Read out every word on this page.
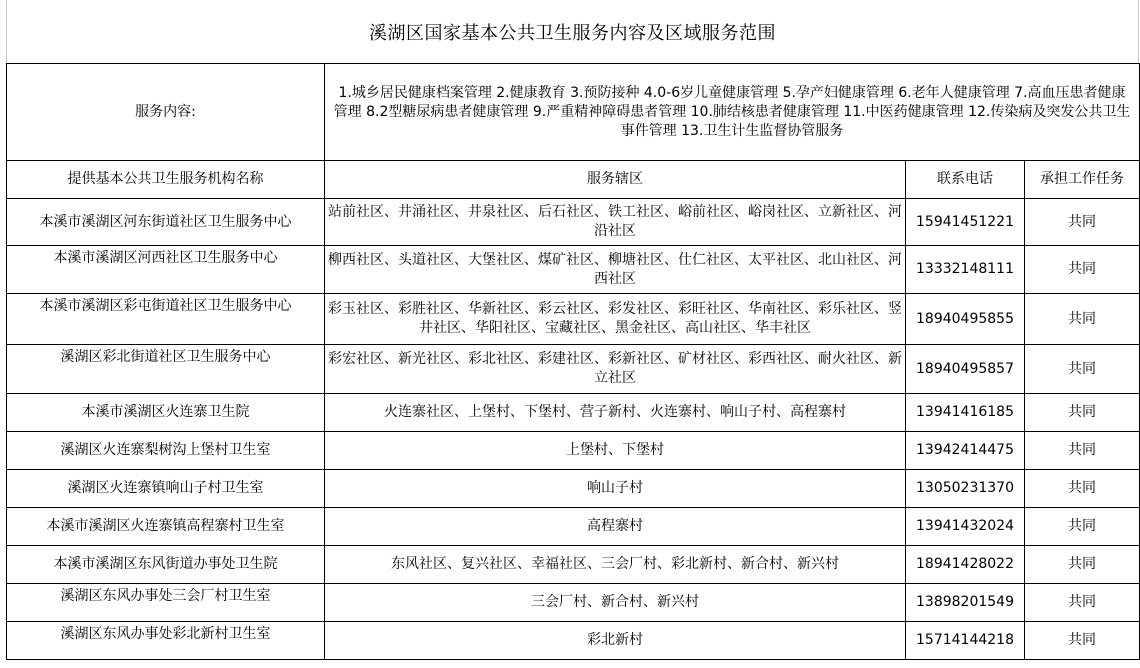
溪湖区国家基本公共卫生服务内容及区域服务范围
服务内容:	1.城乡居民健康档案管理 2.健康教育 3.预防接种 4.0-6岁儿童健康管理 5.孕产妇健康管理 6.老年人健康管理 7.高血压患者健康管理 8.2型糖尿病患者健康管理 9.严重精神障碍患者管理 10.肺结核患者健康管理 11.中医药健康管理 12.传染病及突发公共卫生事件管理 13.卫生计生监督协管服务		

提供基本公共卫生服务机构名称	服务辖区	联系电话	承担工作任务
本溪市溪湖区河东街道社区卫生服务中心	站前社区、井涌社区、井泉社区、后石社区、铁工社区、峪前社区、峪岗社区、立新社区、河沿社区	15941451221	共同
本溪市溪湖区河西社区卫生服务中心	柳西社区、头道社区、大堡社区、煤矿社区、柳塘社区、仕仁社区、太平社区、北山社区、河西社区	13332148111	共同
本溪市溪湖区彩屯街道社区卫生服务中心	彩玉社区、彩胜社区、华新社区、彩云社区、彩发社区、彩旺社区、华南社区、彩乐社区、竖井社区、华阳社区、宝藏社区、黑金社区、高山社区、华丰社区	18940495855	共同
溪湖区彩北街道社区卫生服务中心	彩宏社区、新光社区、彩北社区、彩建社区、彩新社区、矿材社区、彩西社区、耐火社区、新立社区	18940495857	共同
本溪市溪湖区火连寨卫生院	火连寨社区、上堡村、下堡村、营子新村、火连寨村、响山子村、高程寨村	13941416185	共同
溪湖区火连寨梨树沟上堡村卫生室	上堡村、下堡村	13942414475	共同
溪湖区火连寨镇响山子村卫生室	响山子村	13050231370	共同
本溪市溪湖区火连寨镇高程寨村卫生室	高程寨村	13941432024	共同
本溪市溪湖区东风街道办事处卫生院	东风社区、复兴社区、幸福社区、三会厂村、彩北新村、新合村、新兴村	18941428022	共同
溪湖区东风办事处三会厂村卫生室	三会厂村、新合村、新兴村	13898201549	共同
溪湖区东风办事处彩北新村卫生室	彩北新村	15714144218	共同
